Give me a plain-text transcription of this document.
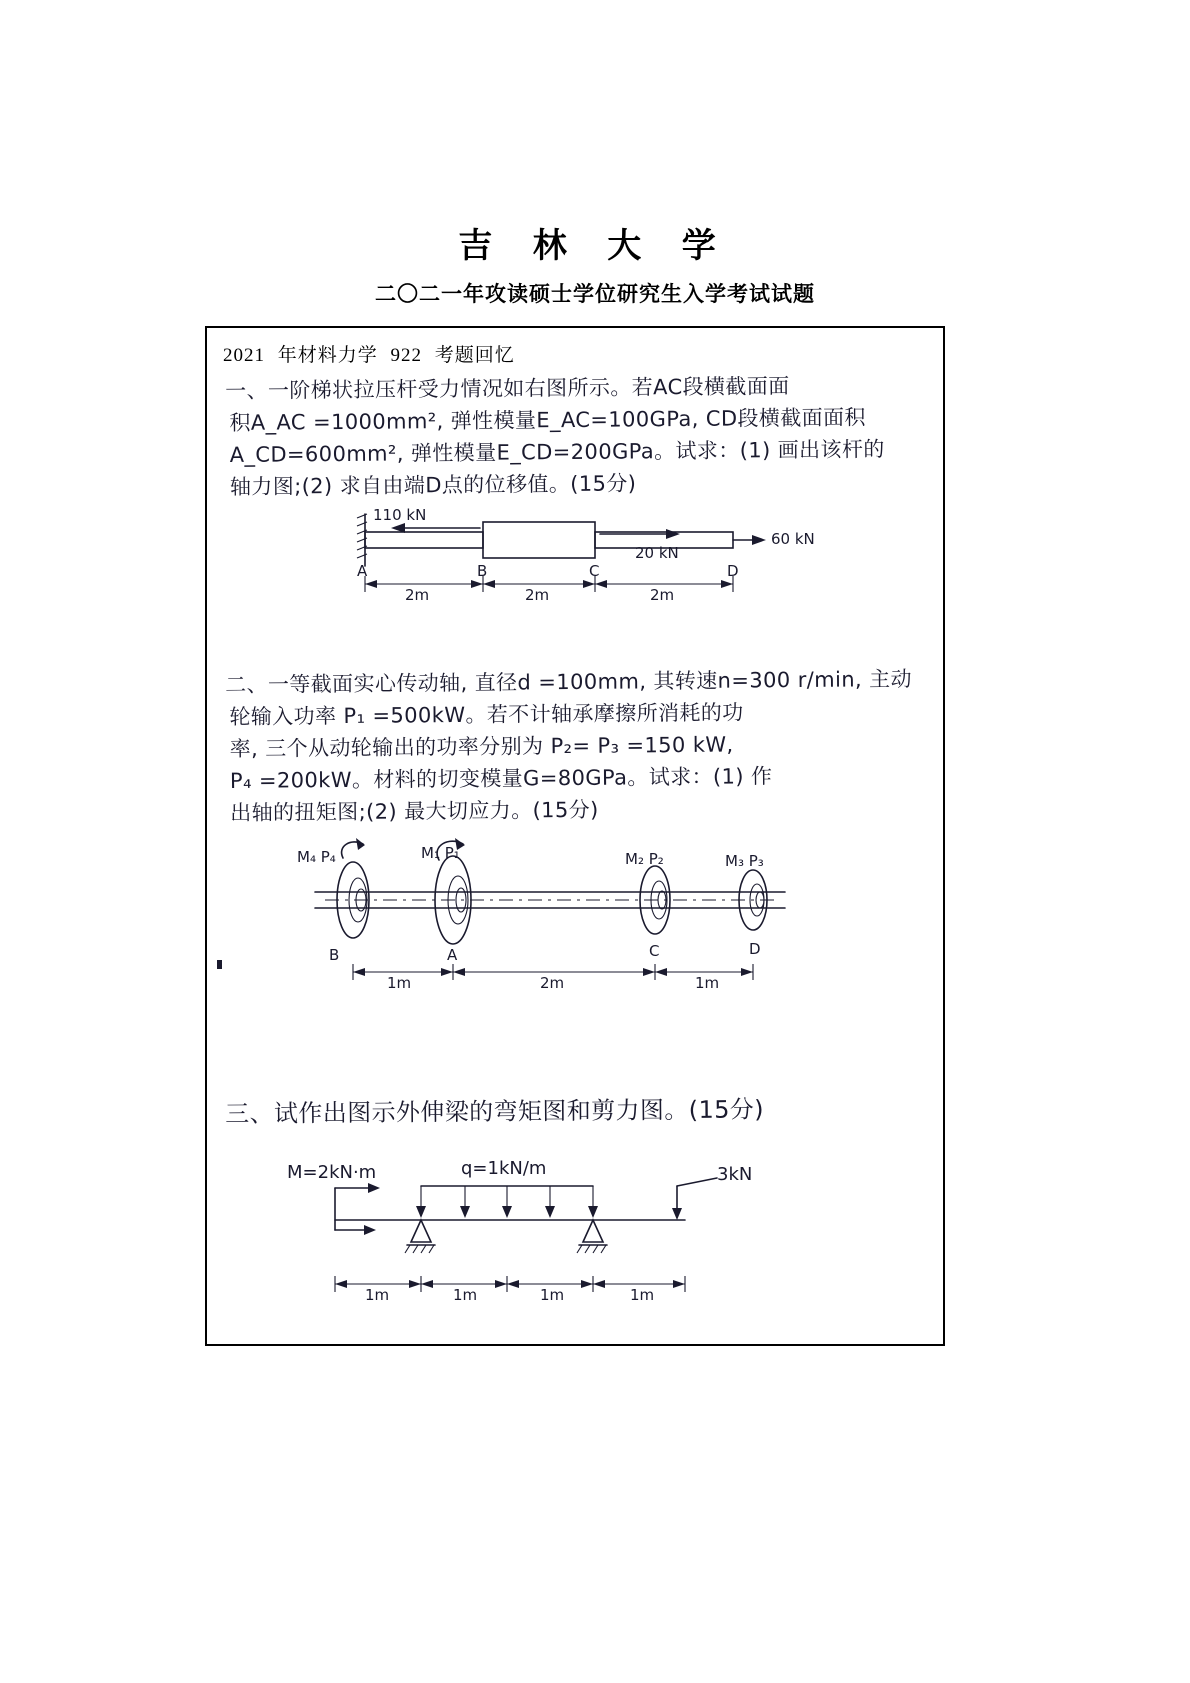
吉 林 大 学
二〇二一年攻读硕士学位研究生入学考试试题
2021 年材料力学 922 考题回忆
一、一阶梯状拉压杆受力情况如右图所示。若AC段横截面面
积A_AC =1000mm², 弹性模量E_AC=100GPa, CD段横截面面积
A_CD=600mm², 弹性模量E_CD=200GPa。试求：(1) 画出该杆的
轴力图;(2) 求自由端D点的位移值。(15分)
110 kN
60 kN
20 kN
A	B	C	D
2m	2m	2m
二、一等截面实心传动轴, 直径d =100mm, 其转速n=300 r/min, 主动
轮输入功率 P₁ =500kW。若不计轴承摩擦所消耗的功
率, 三个从动轮输出的功率分别为 P₂= P₃ =150 kW,
P₄ =200kW。材料的切变模量G=80GPa。试求：(1) 作
出轴的扭矩图;(2) 最大切应力。(15分)
M₄ P₄	M₁ P₁	M₂ P₂	M₃ P₃
B	A	C	D
1m	2m	1m
三、试作出图示外伸梁的弯矩图和剪力图。(15分)
M=2kN·m	q=1kN/m	3kN
1m	1m	1m	1m
